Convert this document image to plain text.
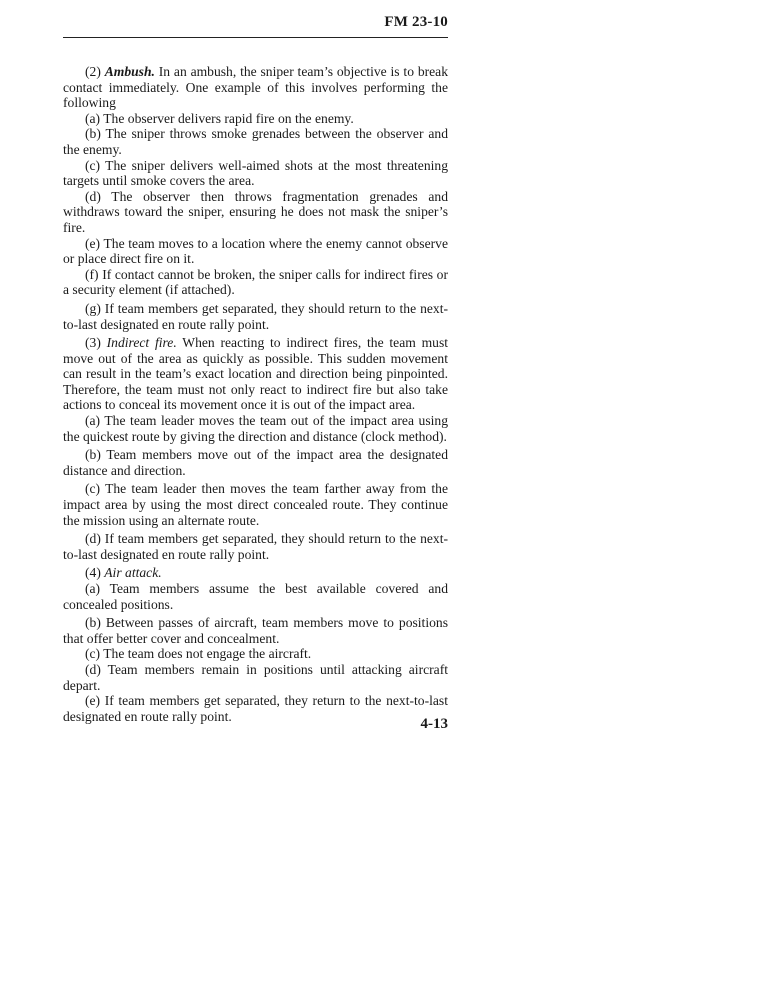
FM 23-10

(2) Ambush. In an ambush, the sniper team’s objective is to break contact immediately. One example of this involves performing the following

(a) The observer delivers rapid fire on the enemy.

(b) The sniper throws smoke grenades between the observer and the enemy.

(c) The sniper delivers well-aimed shots at the most threatening targets until smoke covers the area.

(d) The observer then throws fragmentation grenades and withdraws toward the sniper, ensuring he does not mask the sniper’s fire.

(e) The team moves to a location where the enemy cannot observe or place direct fire on it.

(f) If contact cannot be broken, the sniper calls for indirect fires or a security element (if attached).

(g) If team members get separated, they should return to the next-to-last designated en route rally point.

(3) Indirect fire. When reacting to indirect fires, the team must move out of the area as quickly as possible. This sudden movement can result in the team’s exact location and direction being pinpointed. Therefore, the team must not only react to indirect fire but also take actions to conceal its movement once it is out of the impact area.

(a) The team leader moves the team out of the impact area using the quickest route by giving the direction and distance (clock method).

(b) Team members move out of the impact area the designated distance and direction.

(c) The team leader then moves the team farther away from the impact area by using the most direct concealed route. They continue the mission using an alternate route.

(d) If team members get separated, they should return to the next-to-last designated en route rally point.

(4) Air attack.

(a) Team members assume the best available covered and concealed positions.

(b) Between passes of aircraft, team members move to positions that offer better cover and concealment.

(c) The team does not engage the aircraft.

(d) Team members remain in positions until attacking aircraft depart.

(e) If team members get separated, they return to the next-to-last designated en route rally point.	4-13
